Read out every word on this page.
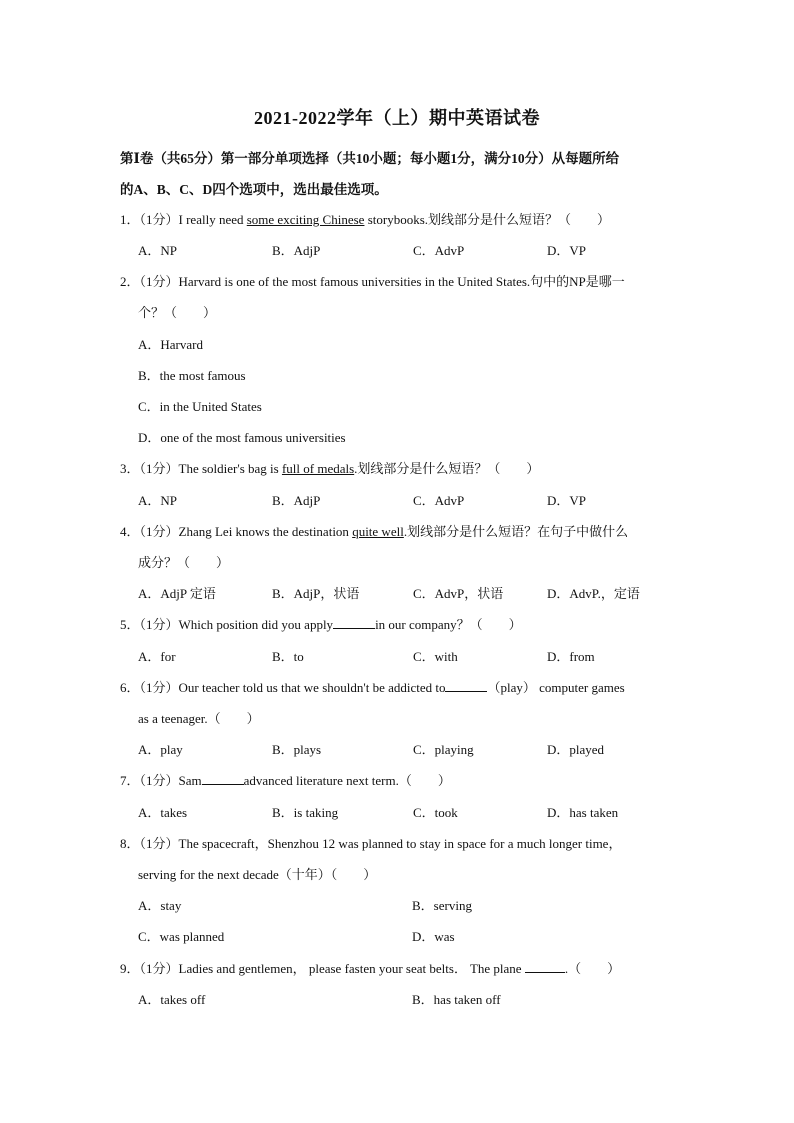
2021-2022学年（上）期中英语试卷
第Ⅰ卷（共65分）第一部分单项选择（共10小题；每小题1分，满分10分）从每题所给
的A、B、C、D四个选项中，选出最佳选项。
1．（1分）I really need some exciting Chinese storybooks.划线部分是什么短语？（　　）
A．NP	B．AdjP	C．AdvP	D．VP
2．（1分）Harvard is one of the most famous universities in the United States.句中的NP是哪一
个？（　　）
A．Harvard
B．the most famous
C．in the United States
D．one of the most famous universities
3．（1分）The soldier's bag is full of medals.划线部分是什么短语？（　　）
A．NP	B．AdjP	C．AdvP	D．VP
4．（1分）Zhang Lei knows the destination quite well.划线部分是什么短语？在句子中做什么
成分？（　　）
A．AdjP 定语	B．AdjP，状语	C．AdvP，状语	D．AdvP.，定语
5．（1分）Which position did you apply	in our company？（　　）
A．for	B．to	C．with	D．from
6．（1分）Our teacher told us that we shouldn't be addicted to	（play） computer games
as a teenager.（　　）
A．play	B．plays	C．playing	D．played
7．（1分）Sam	advanced literature next term.（　　）
A．takes	B．is taking	C．took	D．has taken
8．（1分）The spacecraft，Shenzhou 12 was planned to stay in space for a much longer time，
serving for the next decade（十年）（　　）
A．stay	B．serving
C．was planned	D．was
9．（1分）Ladies and gentlemen， please fasten your seat belts． The plane	.（　　）
A．takes off	B．has taken off
